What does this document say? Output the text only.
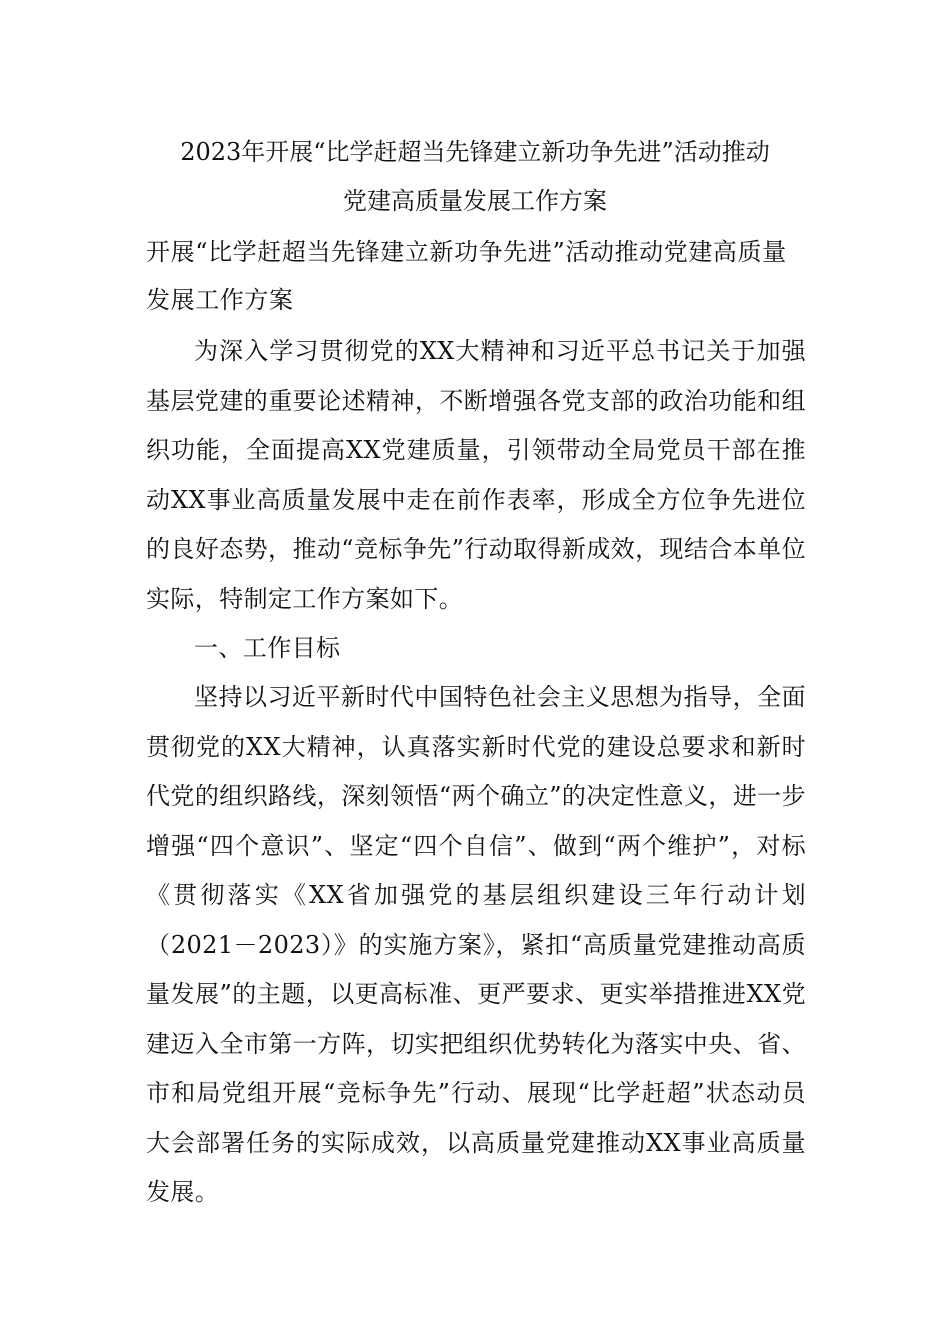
2023年开展“比学赶超当先锋建立新功争先进”活动推动
党建高质量发展工作方案
开展“比学赶超当先锋建立新功争先进”活动推动党建高质量发展工作方案
为深入学习贯彻党的XX大精神和习近平总书记关于加强基层党建的重要论述精神，不断增强各党支部的政治功能和组织功能，全面提高XX党建质量，引领带动全局党员干部在推动XX事业高质量发展中走在前作表率，形成全方位争先进位的良好态势，推动“竞标争先”行动取得新成效，现结合本单位实际，特制定工作方案如下。
一、工作目标
坚持以习近平新时代中国特色社会主义思想为指导，全面贯彻党的XX大精神，认真落实新时代党的建设总要求和新时代党的组织路线，深刻领悟“两个确立”的决定性意义，进一步增强“四个意识”、坚定“四个自信”、做到“两个维护”，对标《贯彻落实《XX省加强党的基层组织建设三年行动计划（2021－2023）》的实施方案》，紧扣“高质量党建推动高质量发展”的主题，以更高标准、更严要求、更实举措推进XX党建迈入全市第一方阵，切实把组织优势转化为落实中央、省、市和局党组开展“竞标争先”行动、展现“比学赶超”状态动员大会部署任务的实际成效，以高质量党建推动XX事业高质量发展。
